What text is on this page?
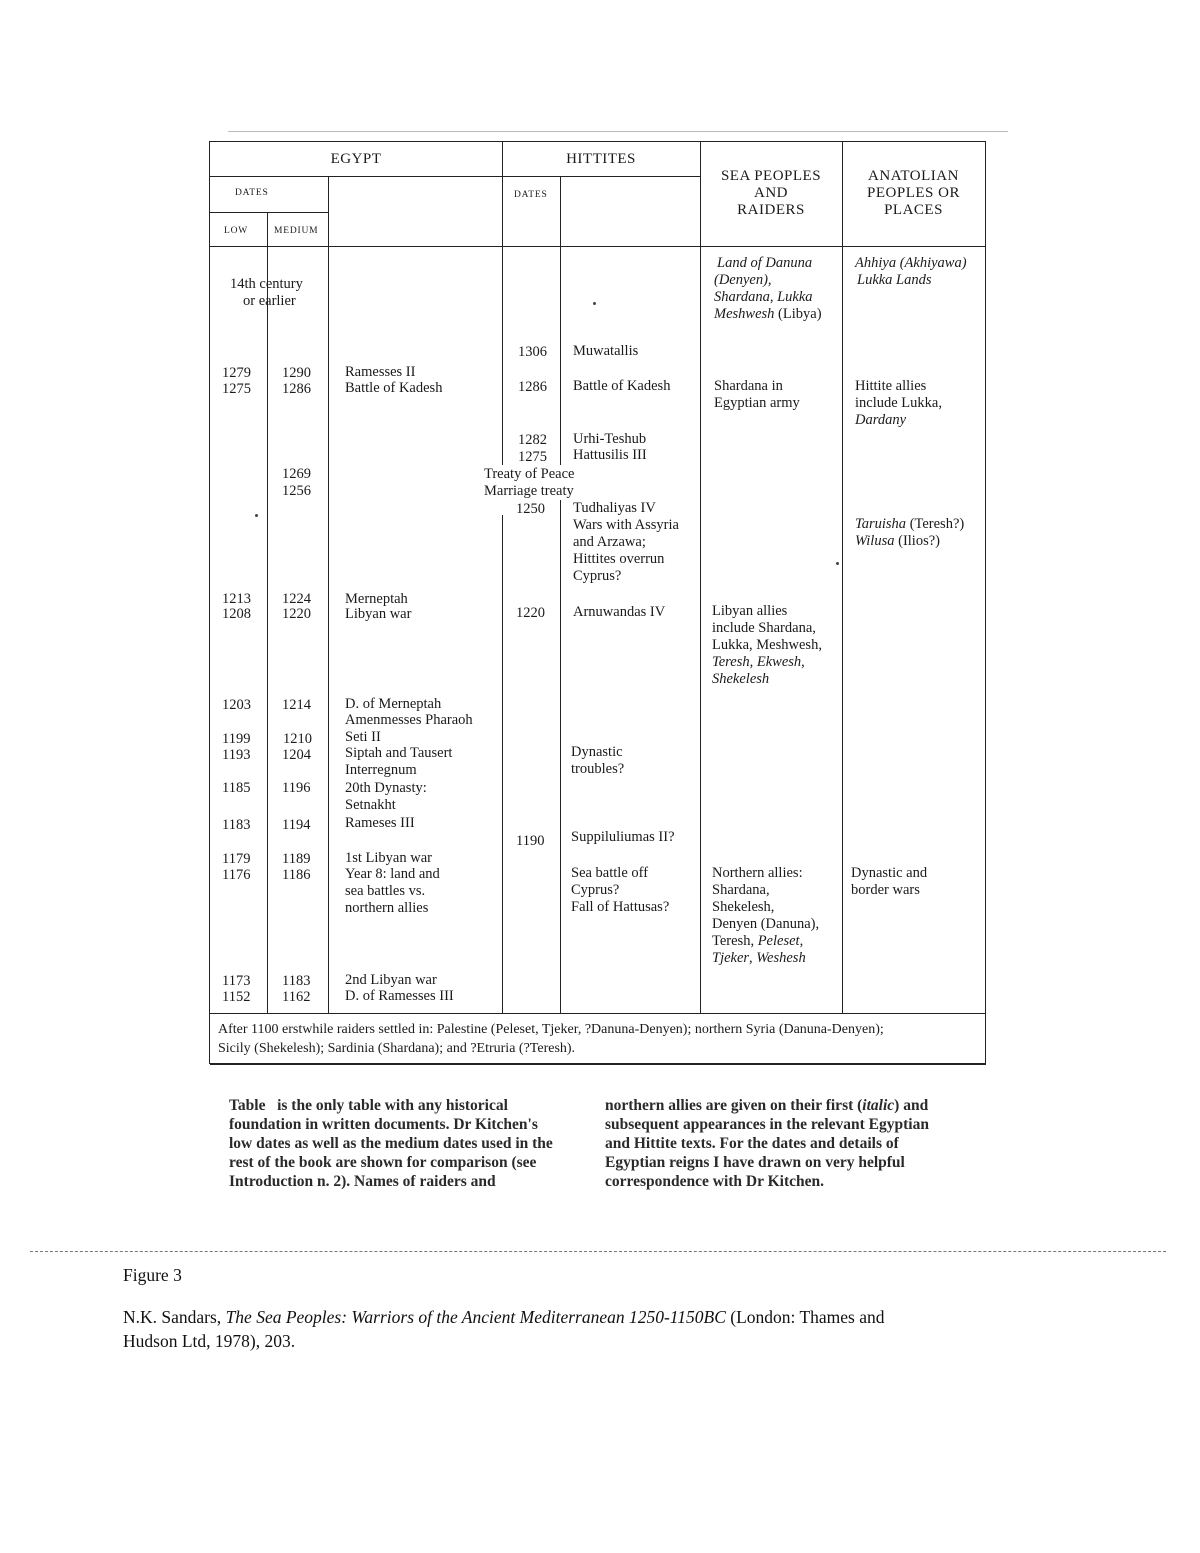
EGYPT	HITTITES
DATES
LOW	MEDIUM
DATES
SEA PEOPLES
AND
RAIDERS
ANATOLIAN
PEOPLES OR
PLACES
14th century
or earlier
Land of Danuna
(Denyen),
Shardana, Lukka
Meshwesh (Libya)
Ahhiya (Akhiyawa)
Lukka Lands
1279
1275
1213
1208
1203
1199
1193
1185
1183
1179
1176
1173
1152
1290
1286
1269
1256
1224
1220
1214
1210
1204
1196
1194
1189
1186
1183
1162
Ramesses II
Battle of Kadesh
Merneptah
Libyan war
D. of Merneptah
Amenmesses Pharaoh
Seti II
Siptah and Tausert
Interregnum
20th Dynasty:
Setnakht
Rameses III
1st Libyan war
Year 8: land and
sea battles vs.
northern allies
2nd Libyan war
D. of Ramesses III
1306
1286
1282
1275
1250
1220
1190
Treaty of Peace
Marriage treaty
Muwatallis
Battle of Kadesh
Urhi-Teshub
Hattusilis III
Tudhaliyas IV
Wars with Assyria
and Arzawa;
Hittites overrun
Cyprus?
Arnuwandas IV
Dynastic
troubles?
Suppiluliumas II?
Sea battle off
Cyprus?
Fall of Hattusas?
Shardana in
Egyptian army
Libyan allies
include Shardana,
Lukka, Meshwesh,
Teresh, Ekwesh,
Shekelesh
Northern allies:
Shardana,
Shekelesh,
Denyen (Danuna),
Teresh, Peleset,
Tjeker, Weshesh
Hittite allies
include Lukka,
Dardany
Taruisha (Teresh?)
Wilusa (Ilios?)
Dynastic and
border wars
After 1100 erstwhile raiders settled in: Palestine (Peleset, Tjeker, ?Danuna-Denyen); northern Syria (Danuna-Denyen);
Sicily (Shekelesh); Sardinia (Shardana); and ?Etruria (?Teresh).
Table   is the only table with any historical
foundation in written documents. Dr Kitchen's
low dates as well as the medium dates used in the
rest of the book are shown for comparison (see
Introduction n. 2). Names of raiders and
northern allies are given on their first (italic) and
subsequent appearances in the relevant Egyptian
and Hittite texts. For the dates and details of
Egyptian reigns I have drawn on very helpful
correspondence with Dr Kitchen.
Figure 3
N.K. Sandars, The Sea Peoples: Warriors of the Ancient Mediterranean 1250-1150BC (London: Thames and
Hudson Ltd, 1978), 203.
